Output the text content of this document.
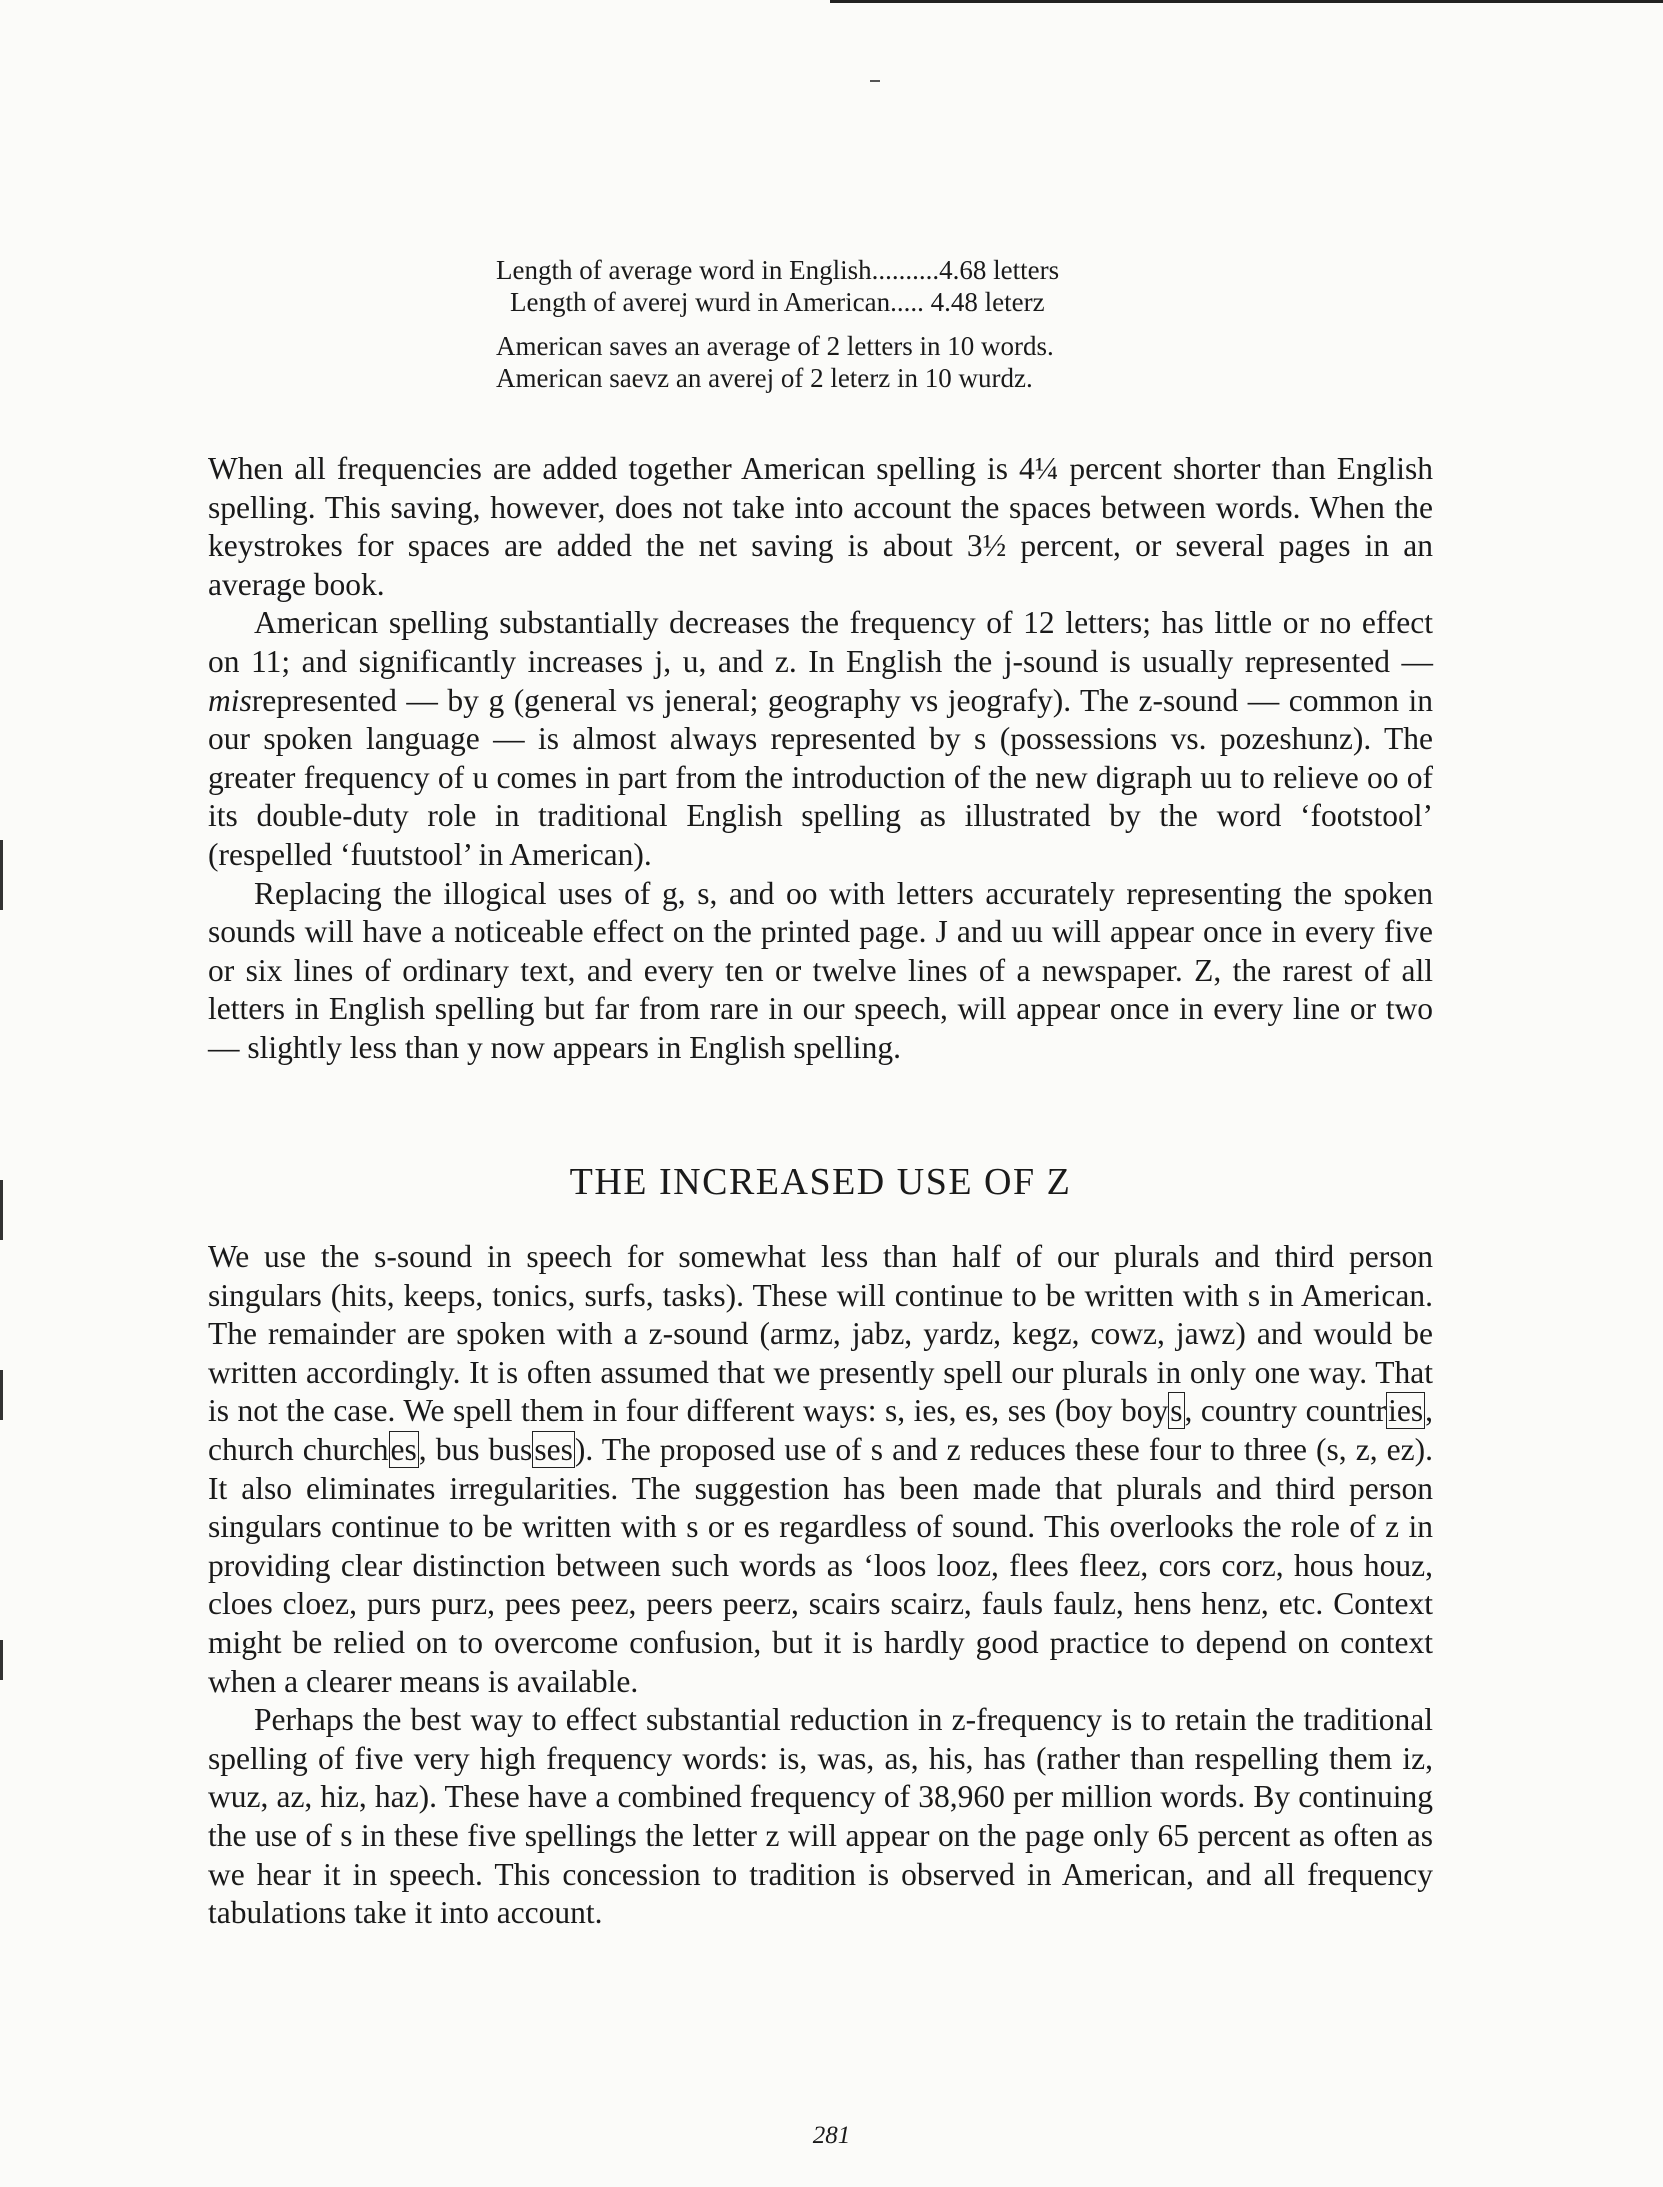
Length of average word in English..........4.68 letters
Length of averej wurd in American..... 4.48 leterz
American saves an average of 2 letters in 10 words.
American saevz an averej of 2 leterz in 10 wurdz.

When all frequencies are added together American spelling is 4¼ percent shorter than English spelling. This saving, however, does not take into account the spaces between words. When the keystrokes for spaces are added the net saving is about 3½ percent, or several pages in an average book.

American spelling substantially decreases the frequency of 12 letters; has little or no effect on 11; and significantly increases j, u, and z. In English the j-sound is usually represented —misrepresented — by g (general vs jeneral; geography vs jeografy). The z-sound — common in our spoken language — is almost always represented by s (possessions vs. pozeshunz). The greater frequency of u comes in part from the introduction of the new digraph uu to relieve oo of its double-duty role in traditional English spelling as illustrated by the word ‘footstool’ (respelled ‘fuutstool’ in American).

Replacing the illogical uses of g, s, and oo with letters accurately representing the spoken sounds will have a noticeable effect on the printed page. J and uu will appear once in every five or six lines of ordinary text, and every ten or twelve lines of a newspaper. Z, the rarest of all letters in English spelling but far from rare in our speech, will appear once in every line or two — slightly less than y now appears in English spelling.

THE INCREASED USE OF Z

We use the s-sound in speech for somewhat less than half of our plurals and third person singulars (hits, keeps, tonics, surfs, tasks). These will continue to be written with s in American. The remainder are spoken with a z-sound (armz, jabz, yardz, kegz, cowz, jawz) and would be written accordingly. It is often assumed that we presently spell our plurals in only one way. That is not the case. We spell them in four different ways: s, ies, es, ses (boy boys, country countries, church churches, bus busses). The proposed use of s and z reduces these four to three (s, z, ez). It also eliminates irregularities. The suggestion has been made that plurals and third person singulars continue to be written with s or es regardless of sound. This overlooks the role of z in providing clear distinction between such words as ‘loos looz, flees fleez, cors corz, hous houz, cloes cloez, purs purz, pees peez, peers peerz, scairs scairz, fauls faulz, hens henz, etc. Context might be relied on to overcome confusion, but it is hardly good practice to depend on context when a clearer means is available.

Perhaps the best way to effect substantial reduction in z-frequency is to retain the traditional spelling of five very high frequency words: is, was, as, his, has (rather than respelling them iz, wuz, az, hiz, haz). These have a combined frequency of 38,960 per million words. By continuing the use of s in these five spellings the letter z will appear on the page only 65 percent as often as we hear it in speech. This concession to tradition is observed in American, and all frequency tabulations take it into account.

281
